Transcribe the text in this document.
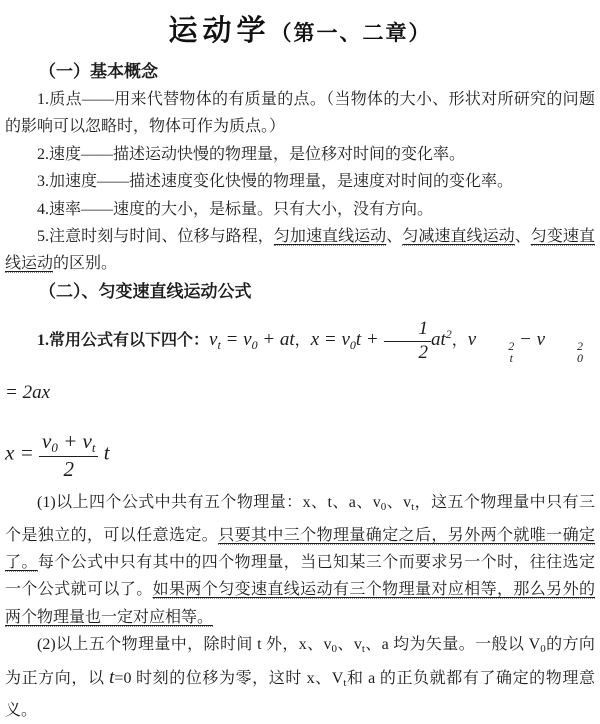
运动学（第一、二章）

（一）基本概念

1.质点——用来代替物体的有质量的点。（当物体的大小、形状对所研究的问题的影响可以忽略时，物体可作为质点。）

2.速度——描述运动快慢的物理量，是位移对时间的变化率。

3.加速度——描述速度变化快慢的物理量，是速度对时间的变化率。

4.速率——速度的大小，是标量。只有大小，没有方向。

5.注意时刻与时间、位移与路程，匀加速直线运动、匀减速直线运动、匀变速直线运动的区别。

（二）、匀变速直线运动公式

1.常用公式有以下四个：$v_t = v_0$ + at，$x = v_0t + \frac{1}{2} at^2$，v	2
t
− v	2
0
= 2ax

$x = \frac{v_0 + v_t}{2}$ t

(1)以上四个公式中共有五个物理量：x、t、a、$v_0$、$v_t$，这五个物理量中只有三个是独立的，可以任意选定。只要其中三个物理量确定之后，另外两个就唯一确定了。每个公式中只有其中的四个物理量，当已知某三个而要求另一个时，往往选定一个公式就可以了。如果两个匀变速直线运动有三个物理量对应相等，那么另外的两个物理量也一定对应相等。

(2)以上五个物理量中，除时间 t 外，x、$v_0$、$v_t$、a 均为矢量。一般以 $V_0$的方向为正方向，以 t=0 时刻的位移为零，这时 x、$V_t$和 a 的正负就都有了确定的物理意义。
